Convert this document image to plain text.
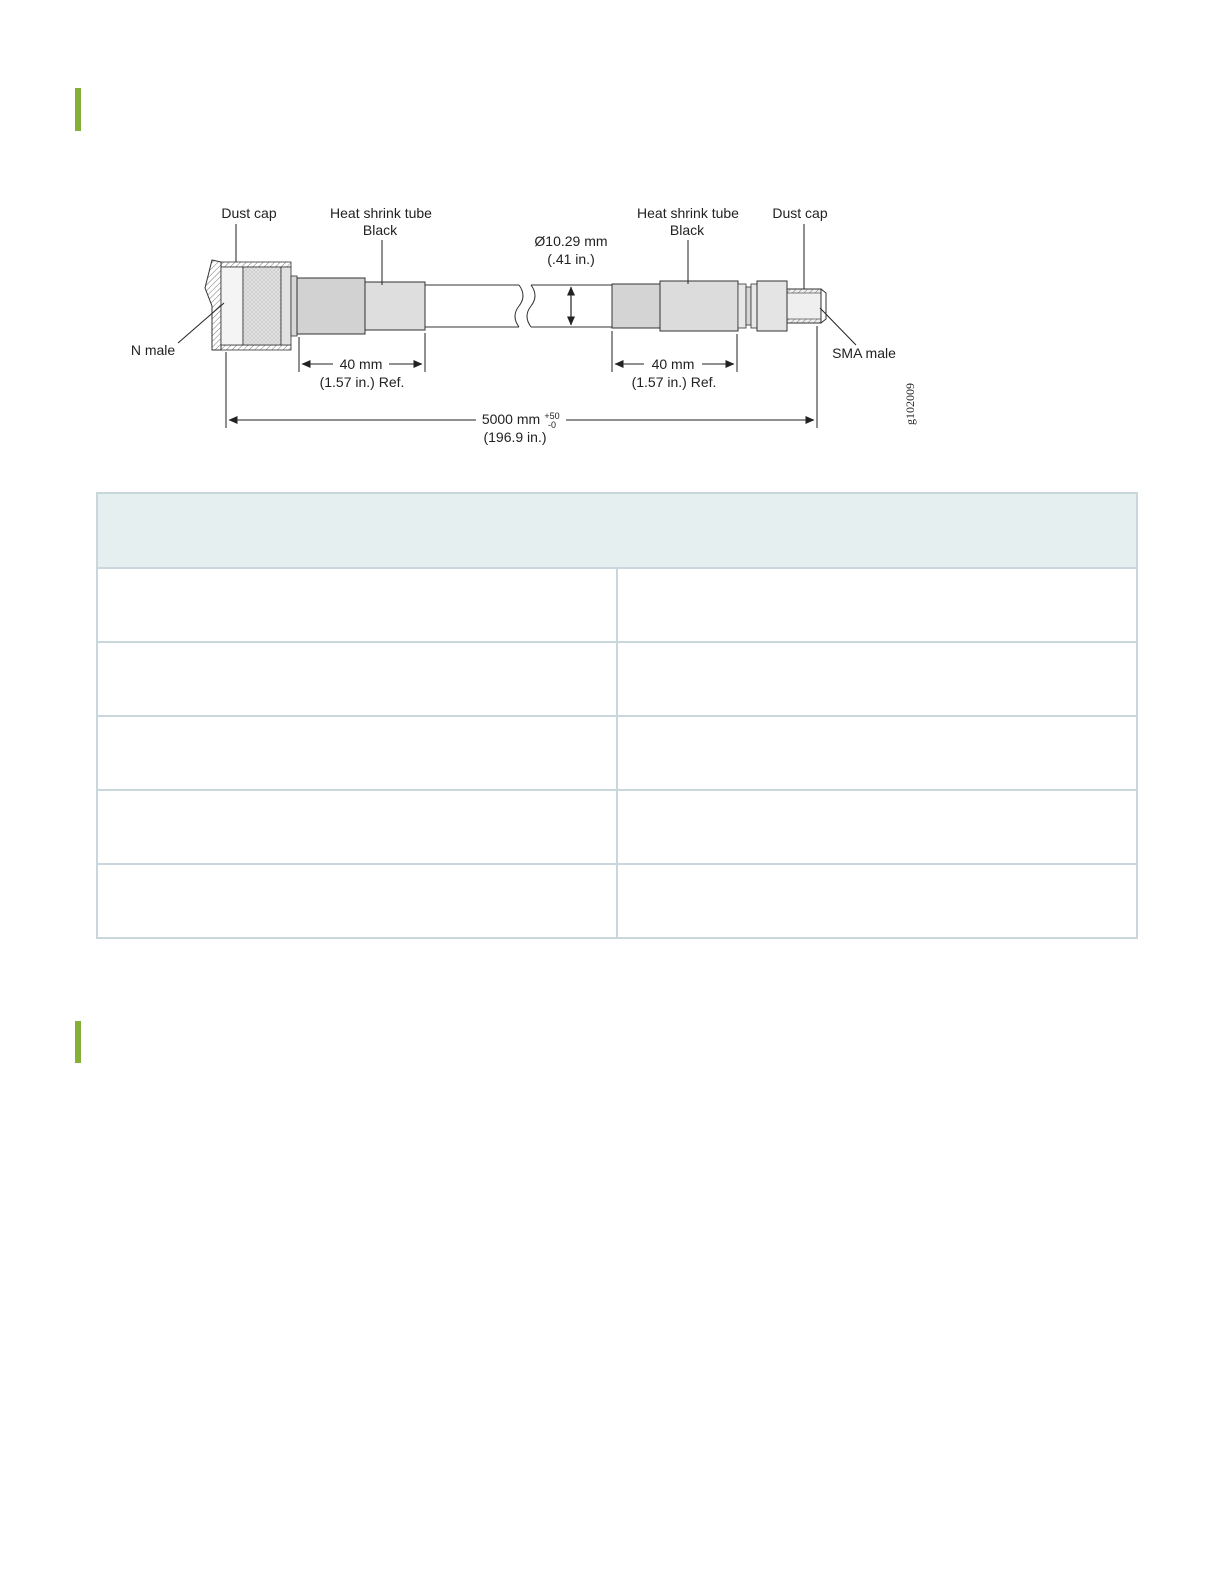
Dust cap	Heat shrink tube
Black
Ø10.29 mm
(.41 in.)
Heat shrink tube
Black
Dust cap
N male	SMA male
40 mm
(1.57 in.) Ref.
40 mm
(1.57 in.) Ref.
5000 mm +50
-0
(196.9 in.)
g102009
